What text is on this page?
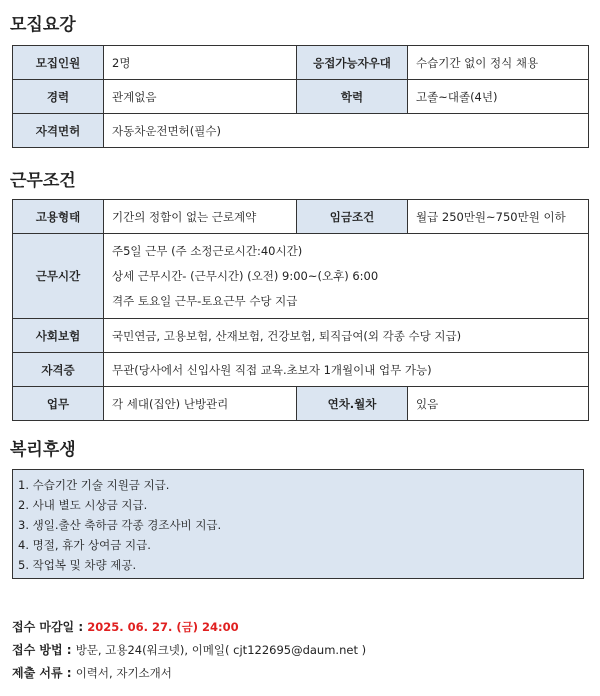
모집요강
모집인원	2명	응접가능자우대	수습기간 없이 정식 채용
경력	관계없음	학력	고졸~대졸(4년)
자격면허	자동차운전면허(필수)		
근무조건
고용형태	기간의 정함이 없는 근로계약	임금조건	월급 250만원~750만원 이하
근무시간	주5일 근무 (주 소정근로시간:40시간)
상세 근무시간- (근무시간) (오전) 9:00~(오후) 6:00
격주 토요일 근무-토요근무 수당 지급		

사회보험	국민연금, 고용보험, 산재보험, 건강보험, 퇴직급여(외 각종 수당 지급)		
자격증	무관(당사에서 신입사원 직접 교육.초보자 1개월이내 업무 가능)		
업무	각 세대(집안) 난방관리	연차.월차	있음
복리후생
1. 수습기간 기술 지원금 지급.
2. 사내 별도 시상금 지급.
3. 생일.출산 축하금 각종 경조사비 지급.
4. 명절, 휴가 상여금 지급.
5. 작업복 및 차량 제공.
접수 마감일 : 2025. 06. 27. (금) 24:00
접수 방법 : 방문, 고용24(워크넷), 이메일( cjt122695@daum.net )
제출 서류 : 이력서, 자기소개서
